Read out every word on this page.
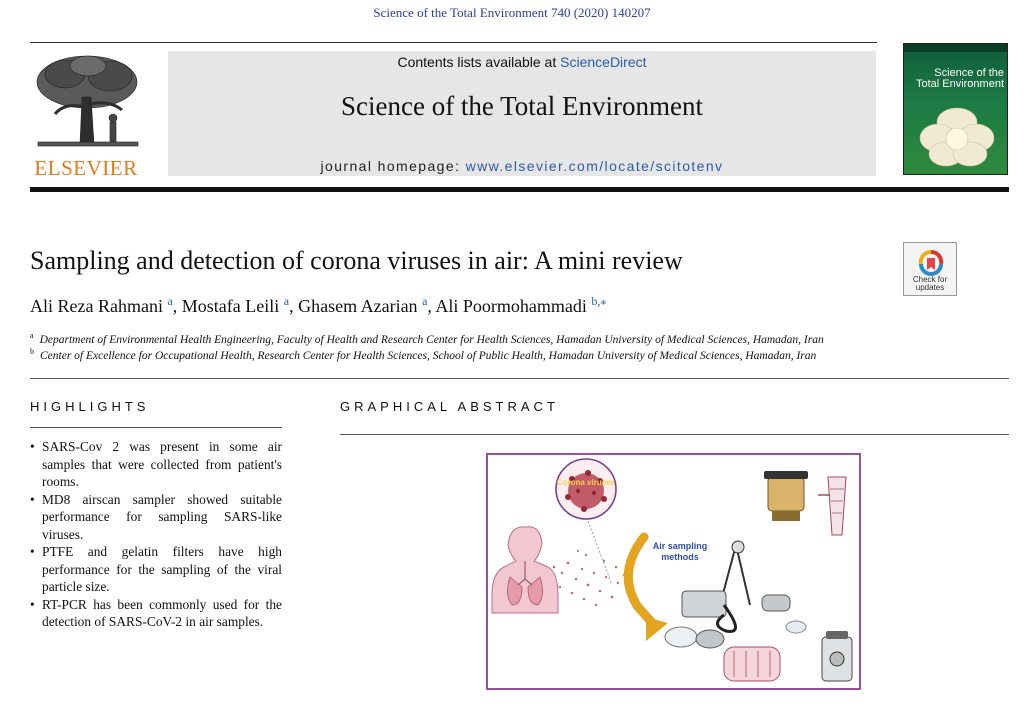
Science of the Total Environment 740 (2020) 140207
ELSEVIER
Contents lists available at ScienceDirect
Science of the Total Environment
journal homepage: www.elsevier.com/locate/scitotenv
Science of the
Total Environment
Sampling and detection of corona viruses in air: A mini review
Check for
updates
Ali Reza Rahmani $^a$, Mostafa Leili $^a$, Ghasem Azarian $^a$, Ali Poormohammadi $^{b,⁎}$
$^a$ Department of Environmental Health Engineering, Faculty of Health and Research Center for Health Sciences, Hamadan University of Medical Sciences, Hamadan, Iran
$^b$ Center of Excellence for Occupational Health, Research Center for Health Sciences, School of Public Health, Hamadan University of Medical Sciences, Hamadan, Iran
HIGHLIGHTS
• SARS-Cov 2 was present in some air samples that were collected from patient's rooms.
• MD8 airscan sampler showed suitable performance for sampling SARS-like viruses.
• PTFE and gelatin filters have high performance for the sampling of the viral particle size.
• RT-PCR has been commonly used for the detection of SARS-CoV-2 in air samples.
GRAPHICAL ABSTRACT
Corona viruses
Air sampling
methods
